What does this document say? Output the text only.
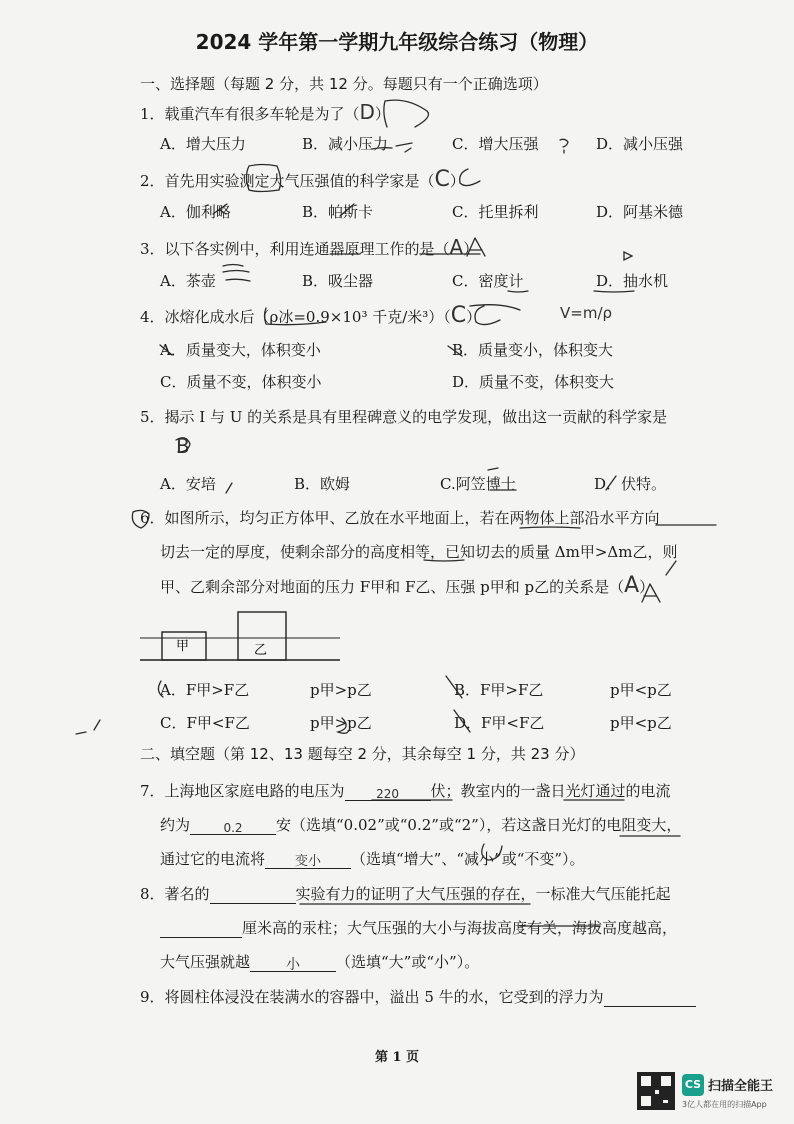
2024 学年第一学期九年级综合练习（物理）
一、选择题（每题 2 分，共 12 分。每题只有一个正确选项）
1．载重汽车有很多车轮是为了（D）
A．增大压力	B．减小压力	C．增大压强	D．减小压强
2．首先用实验测定大气压强值的科学家是（C）
A．伽利略	B．帕斯卡	C．托里拆利	D．阿基米德
3．以下各实例中，利用连通器原理工作的是（A）
A．茶壶	B．吸尘器	C．密度计	D．抽水机
4．冰熔化成水后（ρ冰=0.9×10³ 千克/米³）（C）	V=m/ρ
A．质量变大，体积变小	B．质量变小，体积变大
C．质量不变，体积变小	D．质量不变，体积变大
5．揭示 I 与 U 的关系是具有里程碑意义的电学发现，做出这一贡献的科学家是
B
A．安培	B．欧姆	C.阿笠博士	D．伏特。
6．如图所示，均匀正方体甲、乙放在水平地面上，若在两物体上部沿水平方向
切去一定的厚度，使剩余部分的高度相等，已知切去的质量 Δm甲>Δm乙，则
甲、乙剩余部分对地面的压力 F甲和 F乙、压强 p甲和 p乙的关系是（A）
甲	乙
A．F甲>F乙	p甲>p乙	B．F甲>F乙	p甲<p乙
C．F甲<F乙	p甲>p乙	D．F甲<F乙	p甲<p乙
二、填空题（第 12、13 题每空 2 分，其余每空 1 分，共 23 分）
7．上海地区家庭电路的电压为	220 伏；教室内的一盏日光灯通过的电流
约为	0.2 安（选填“0.02”或“0.2”或“2”），若这盏日光灯的电阻变大，
通过它的电流将 变小 （选填“增大”、“减小”或“不变”）。
8．著名的	实验有力的证明了大气压强的存在，一标准大气压能托起
厘米高的汞柱；大气压强的大小与海拔高度有关，海拔高度越高，
大气压强就越	小 （选填“大”或“小”）。
9．将圆柱体浸没在装满水的容器中，溢出 5 牛的水，它受到的浮力为
第 1 页
CS 扫描全能王
3亿人都在用的扫描App
